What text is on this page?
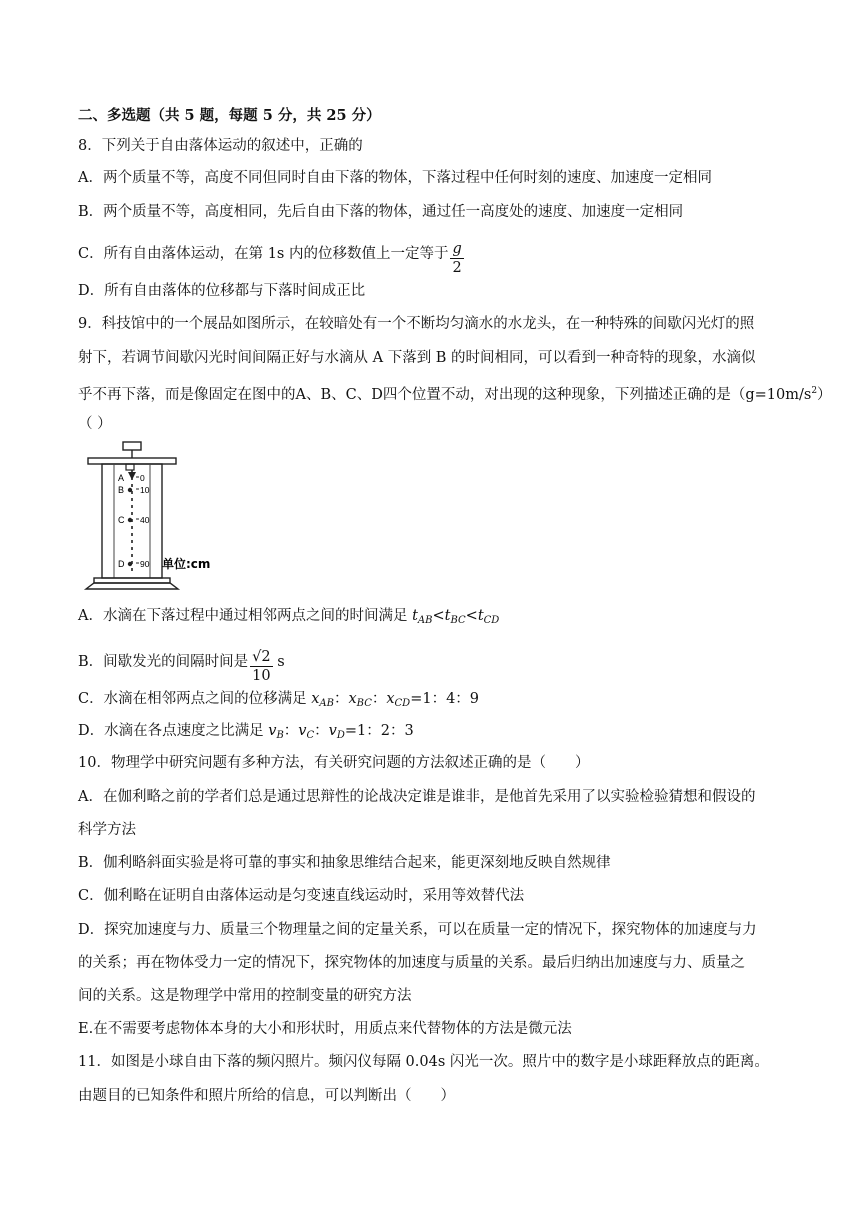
二、多选题（共 5 题，每题 5 分，共 25 分）
8．下列关于自由落体运动的叙述中，正确的
A．两个质量不等，高度不同但同时自由下落的物体，下落过程中任何时刻的速度、加速度一定相同
B．两个质量不等，高度相同，先后自由下落的物体，通过任一高度处的速度、加速度一定相同
C．所有自由落体运动，在第 1s 内的位移数值上一定等于 $\frac{g}{2}$
D．所有自由落体的位移都与下落时间成正比
9．科技馆中的一个展品如图所示，在较暗处有一个不断均匀滴水的水龙头，在一种特殊的间歇闪光灯的照
射下，若调节间歇闪光时间间隔正好与水滴从 A 下落到 B 的时间相同，可以看到一种奇特的现象，水滴似
乎不再下落，而是像固定在图中的A、B、C、D四个位置不动，对出现的这种现象，下列描述正确的是$(g=10m/s^2)$
（ ）
A
B
C
D
0
10
40
90 单位:cm
A．水滴在下落过程中通过相邻两点之间的时间满足 $t_{AB}<t_{BC}<t_{CD}$
B．间歇发光的间隔时间是 $\frac{√2}{10}$ s
C．水滴在相邻两点之间的位移满足 $x_{AB}$：$x_{BC}$：$x_{CD}=1$：4：9
D．水滴在各点速度之比满足 $v_B$：$v_C$：$v_D=1$：2：3
10．物理学中研究问题有多种方法，有关研究问题的方法叙述正确的是（　　）
A．在伽利略之前的学者们总是通过思辩性的论战决定谁是谁非，是他首先采用了以实验检验猜想和假设的
科学方法
B．伽利略斜面实验是将可靠的事实和抽象思维结合起来，能更深刻地反映自然规律
C．伽利略在证明自由落体运动是匀变速直线运动时，采用等效替代法
D．探究加速度与力、质量三个物理量之间的定量关系，可以在质量一定的情况下，探究物体的加速度与力
的关系；再在物体受力一定的情况下，探究物体的加速度与质量的关系。最后归纳出加速度与力、质量之
间的关系。这是物理学中常用的控制变量的研究方法
E.在不需要考虑物体本身的大小和形状时，用质点来代替物体的方法是微元法
11．如图是小球自由下落的频闪照片。频闪仪每隔 0.04s 闪光一次。照片中的数字是小球距释放点的距离。
由题目的已知条件和照片所给的信息，可以判断出（　　）
